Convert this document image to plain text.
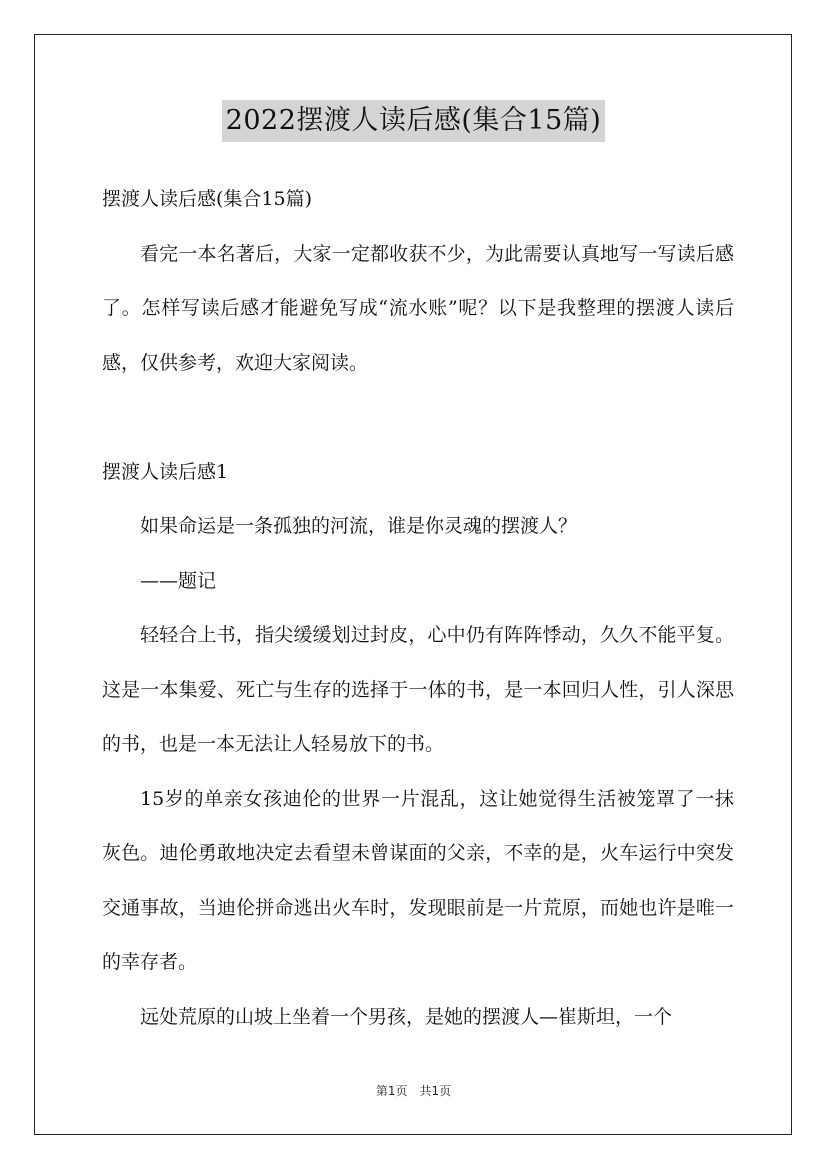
2022摆渡人读后感(集合15篇)

摆渡人读后感(集合15篇)

看完一本名著后，大家一定都收获不少，为此需要认真地写一写读后感了。怎样写读后感才能避免写成“流水账”呢？以下是我整理的摆渡人读后感，仅供参考，欢迎大家阅读。

摆渡人读后感1

如果命运是一条孤独的河流，谁是你灵魂的摆渡人？

——题记

轻轻合上书，指尖缓缓划过封皮，心中仍有阵阵悸动，久久不能平复。这是一本集爱、死亡与生存的选择于一体的书，是一本回归人性，引人深思的书，也是一本无法让人轻易放下的书。

15岁的单亲女孩迪伦的世界一片混乱，这让她觉得生活被笼罩了一抹灰色。迪伦勇敢地决定去看望未曾谋面的父亲，不幸的是，火车运行中突发交通事故，当迪伦拼命逃出火车时，发现眼前是一片荒原，而她也许是唯一的幸存者。

远处荒原的山坡上坐着一个男孩，是她的摆渡人—崔斯坦，一个

第1页 共1页
